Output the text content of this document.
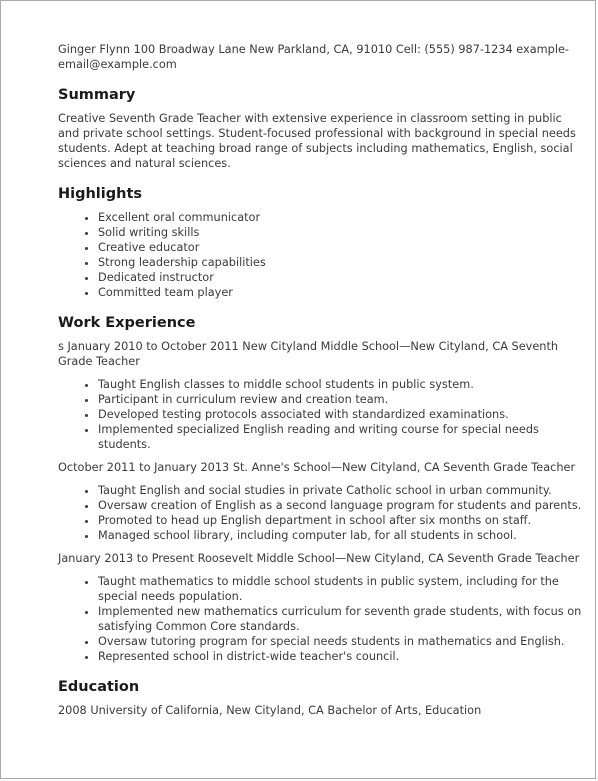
Ginger Flynn 100 Broadway Lane New Parkland, CA, 91010 Cell: (555) 987-1234 example-email@example.com

Summary

Creative Seventh Grade Teacher with extensive experience in classroom setting in public and private school settings. Student-focused professional with background in special needs students. Adept at teaching broad range of subjects including mathematics, English, social sciences and natural sciences.

Highlights
• Excellent oral communicator
• Solid writing skills
• Creative educator
• Strong leadership capabilities
• Dedicated instructor
• Committed team player
Work Experience

s January 2010 to October 2011 New Cityland Middle School—New Cityland, CA Seventh Grade Teacher

• Taught English classes to middle school students in public system.
• Participant in curriculum review and creation team.
• Developed testing protocols associated with standardized examinations.
• Implemented specialized English reading and writing course for special needs students.

October 2011 to January 2013 St. Anne's School—New Cityland, CA Seventh Grade Teacher

• Taught English and social studies in private Catholic school in urban community.
• Oversaw creation of English as a second language program for students and parents.
• Promoted to head up English department in school after six months on staff.
• Managed school library, including computer lab, for all students in school.

January 2013 to Present Roosevelt Middle School—New Cityland, CA Seventh Grade Teacher

• Taught mathematics to middle school students in public system, including for the special needs population.
• Implemented new mathematics curriculum for seventh grade students, with focus on satisfying Common Core standards.
• Oversaw tutoring program for special needs students in mathematics and English.
• Represented school in district-wide teacher's council.
Education

2008 University of California, New Cityland, CA Bachelor of Arts, Education
